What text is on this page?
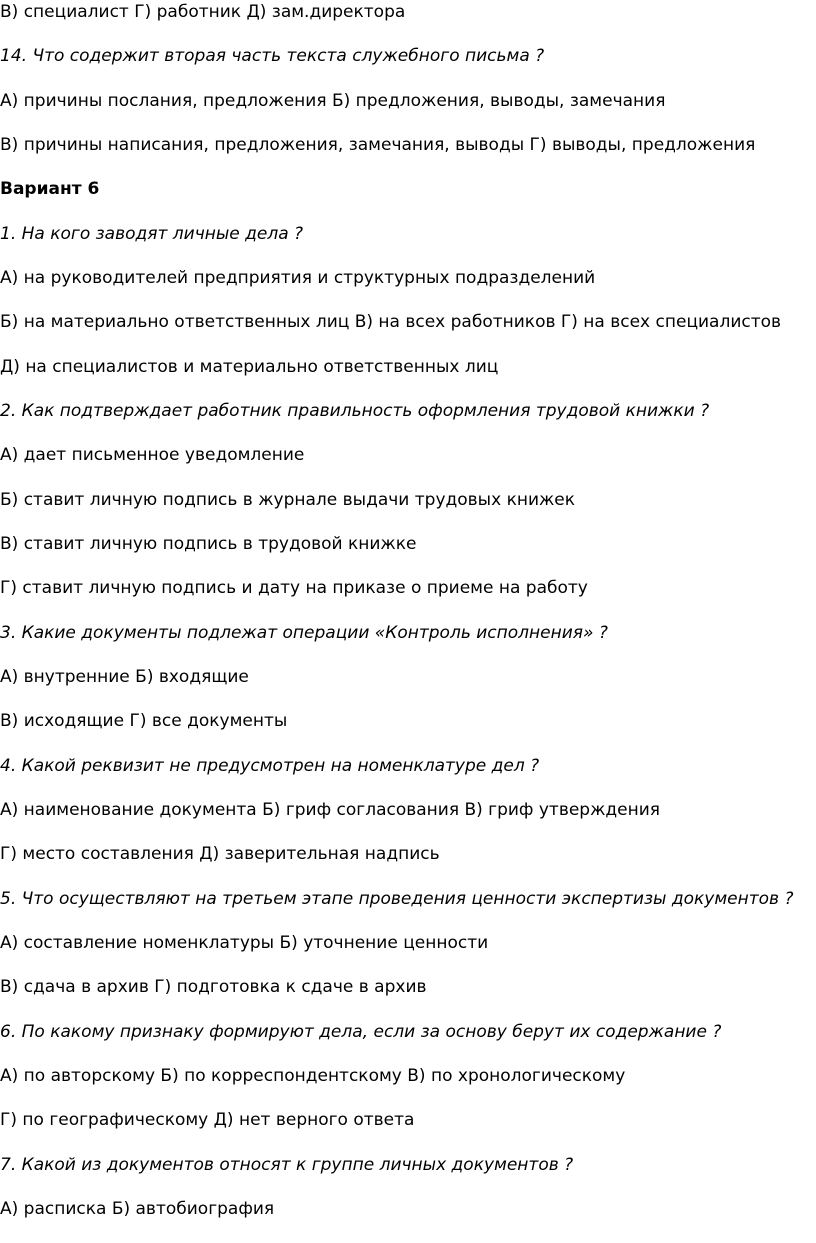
В) специалист Г) работник Д) зам.директора
14. Что содержит вторая часть текста служебного письма ?
А) причины послания, предложения Б) предложения, выводы, замечания
В) причины написания, предложения, замечания, выводы Г) выводы, предложения
Вариант 6
1. На кого заводят личные дела ?
А) на руководителей предприятия и структурных подразделений
Б) на материально ответственных лиц В) на всех работников Г) на всех специалистов
Д) на специалистов и материально ответственных лиц
2. Как подтверждает работник правильность оформления трудовой книжки ?
А) дает письменное уведомление
Б) ставит личную подпись в журнале выдачи трудовых книжек
В) ставит личную подпись в трудовой книжке
Г) ставит личную подпись и дату на приказе о приеме на работу
3. Какие документы подлежат операции «Контроль исполнения» ?
А) внутренние Б) входящие
В) исходящие Г) все документы
4. Какой реквизит не предусмотрен на номенклатуре дел ?
А) наименование документа Б) гриф согласования В) гриф утверждения
Г) место составления Д) заверительная надпись
5. Что осуществляют на третьем этапе проведения ценности экспертизы документов ?
А) составление номенклатуры Б) уточнение ценности
В) сдача в архив Г) подготовка к сдаче в архив
6. По какому признаку формируют дела, если за основу берут их содержание ?
А) по авторскому Б) по корреспондентскому В) по хронологическому
Г) по географическому Д) нет верного ответа
7. Какой из документов относят к группе личных документов ?
А) расписка Б) автобиография
